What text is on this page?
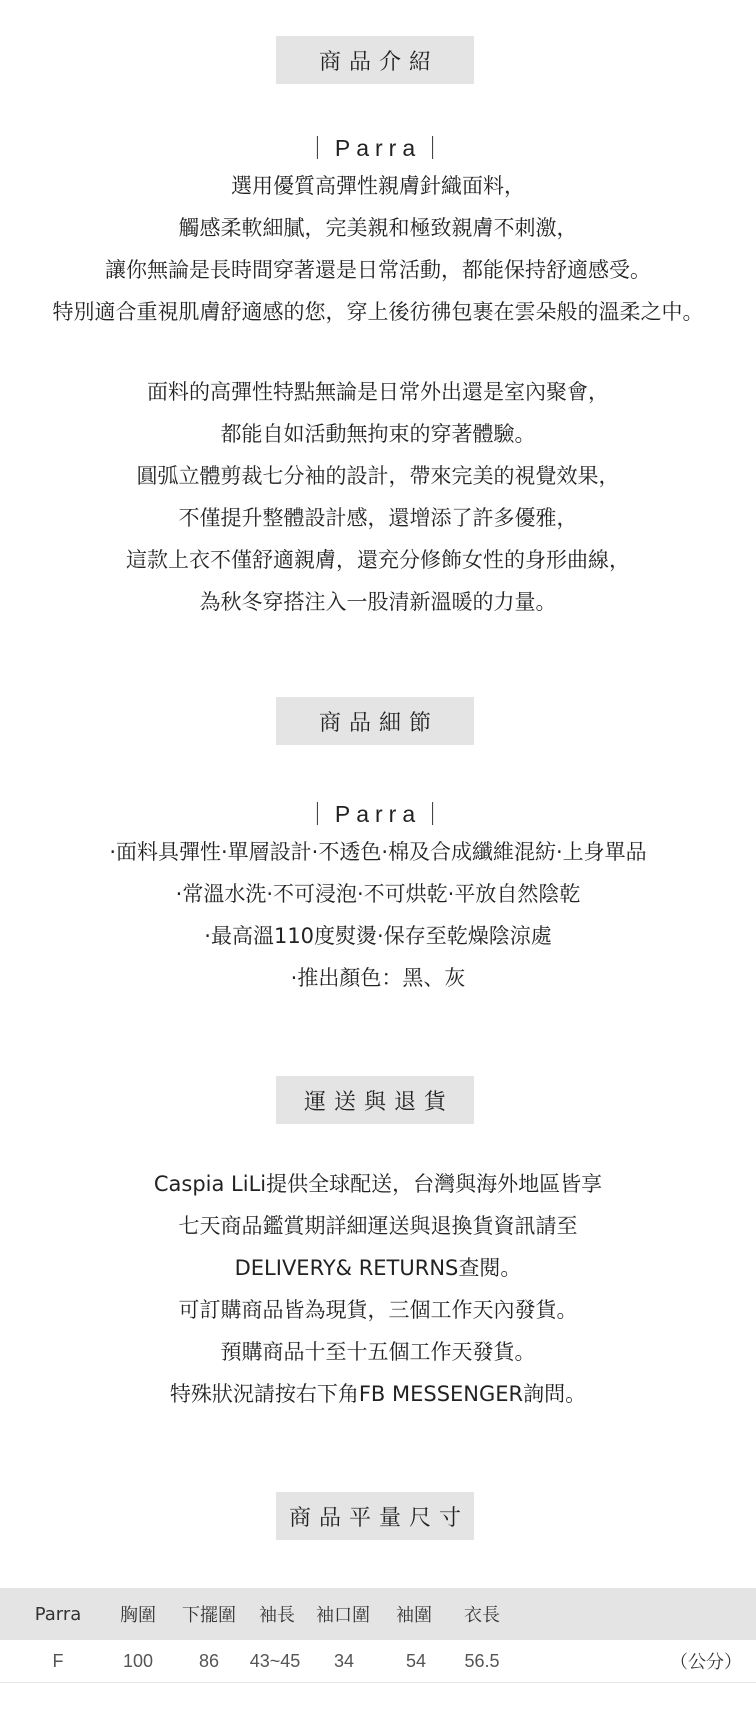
商品介紹
｜Parra｜
選用優質高彈性親膚針織面料，
觸感柔軟細膩，完美親和極致親膚不刺激，
讓你無論是長時間穿著還是日常活動，都能保持舒適感受。
特別適合重視肌膚舒適感的您，穿上後彷彿包裹在雲朵般的溫柔之中。
面料的高彈性特點無論是日常外出還是室內聚會，
都能自如活動無拘束的穿著體驗。
圓弧立體剪裁七分袖的設計，帶來完美的視覺效果，
不僅提升整體設計感，還增添了許多優雅，
這款上衣不僅舒適親膚，還充分修飾女性的身形曲線，
為秋冬穿搭注入一股清新溫暖的力量。
商品細節
｜Parra｜
·面料具彈性·單層設計·不透色·棉及合成纖維混紡·上身單品
·常溫水洗·不可浸泡·不可烘乾·平放自然陰乾
·最高溫110度熨燙·保存至乾燥陰涼處
·推出顏色：黑、灰
運送與退貨
Caspia LiLi提供全球配送，台灣與海外地區皆享
七天商品鑑賞期詳細運送與退換貨資訊請至
DELIVERY& RETURNS查閱。
可訂購商品皆為現貨，三個工作天內發貨。
預購商品十至十五個工作天發貨。
特殊狀況請按右下角FB MESSENGER詢問。
商品平量尺寸
Parra	胸圍	下擺圍	袖長	袖口圍	袖圍	衣長
F	100	86	43~45	34	54	56.5	（公分）
